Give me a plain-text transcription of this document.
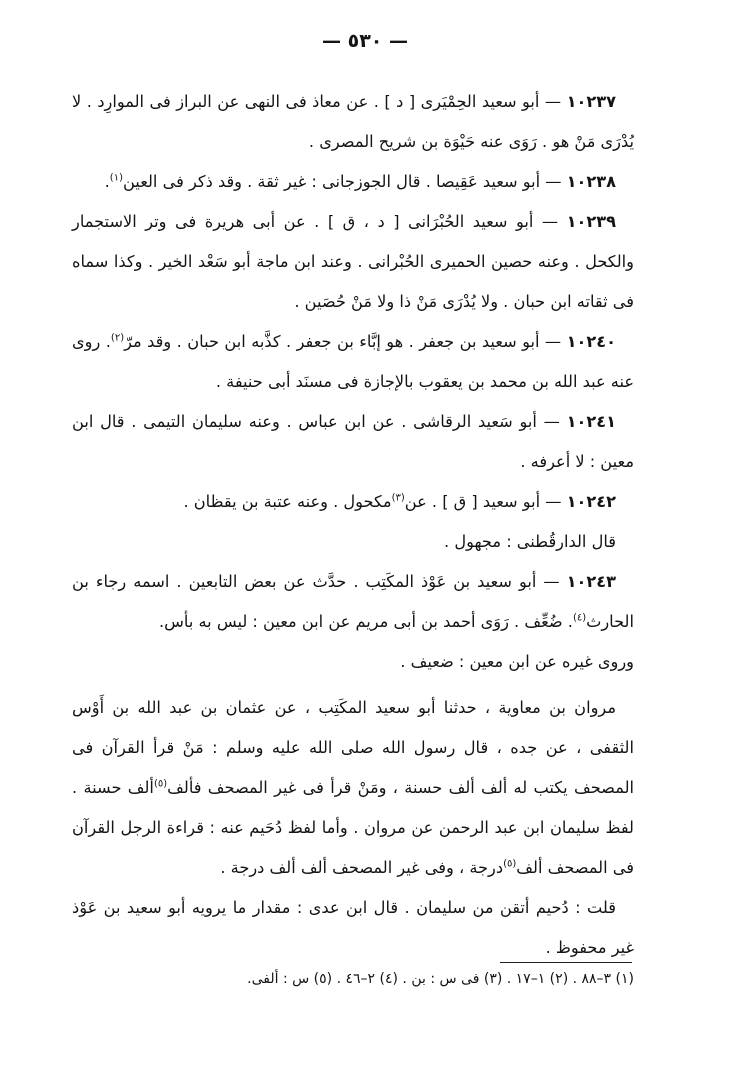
— ٥٣٠ —

١٠٢٣٧ — أبو سعيد الحِمْيَرى [ د ] . عن معاذ فى النهى عن البراز فى الموارِد . لا يُدْرَى مَنْ هو . رَوَى عنه حَيْوَة بن شريح المصرى .

١٠٢٣٨ — أبو سعيد عَقِيصا . قال الجوزجانى : غير ثقة . وقد ذكر فى العين$^{(١)}$.

١٠٢٣٩ — أبو سعيد الحُبْرَانى [ د ، ق ] . عن أبى هريرة فى وتر الاستجمار والكحل . وعنه حصين الحميرى الحُبْرانى . وعند ابن ماجة أبو سَعْد الخير . وكذا سماه فى ثقاته ابن حبان . ولا يُدْرَى مَنْ ذا ولا مَنْ حُصَين .

١٠٢٤٠ — أبو سعيد بن جعفر . هو إبَّاء بن جعفر . كذَّبه ابن حبان . وقد مرّ$^{(٢)}$. روى عنه عبد الله بن محمد بن يعقوب بالإجازة فى مسنَد أبى حنيفة .

١٠٢٤١ — أبو سَعيد الرقاشى . عن ابن عباس . وعنه سليمان التيمى . قال ابن معين : لا أعرفه .

١٠٢٤٢ — أبو سعيد [ ق ] . عن$^{(٣)}$مكحول . وعنه عتبة بن يقظان .

قال الدارقُطنى : مجهول .

١٠٢٤٣ — أبو سعيد بن عَوْذ المكَتِب . حدَّث عن بعض التابعين . اسمه رجاء بن الحارث$^{(٤)}$. ضُعِّف . رَوَى أحمد بن أبى مريم عن ابن معين : ليس به بأس.

وروى غيره عن ابن معين : ضعيف .

مروان بن معاوية ، حدثنا أبو سعيد المكَتِب ، عن عثمان بن عبد الله بن أَوْس الثقفى ، عن جده ، قال رسول الله صلى الله عليه وسلم : مَنْ قرأ القرآن فى المصحف يكتب له ألف ألف حسنة ، ومَنْ قرأ فى غير المصحف فألف$^{(٥)}$ألف حسنة . لفظ سليمان ابن عبد الرحمن عن مروان . وأما لفظ دُحَيم عنه : قراءة الرجل القرآن فى المصحف ألف$^{(٥)}$درجة ، وفى غير المصحف ألف ألف درجة .

قلت : دُحيم أتقن من سليمان . قال ابن عدى : مقدار ما يرويه أبو سعيد بن عَوْذ غير محفوظ .

(١) ٣–٨٨ . (٢) ١–١٧ . (٣) فى س : بن . (٤) ٢–٤٦ . (٥) س : ألفى.
